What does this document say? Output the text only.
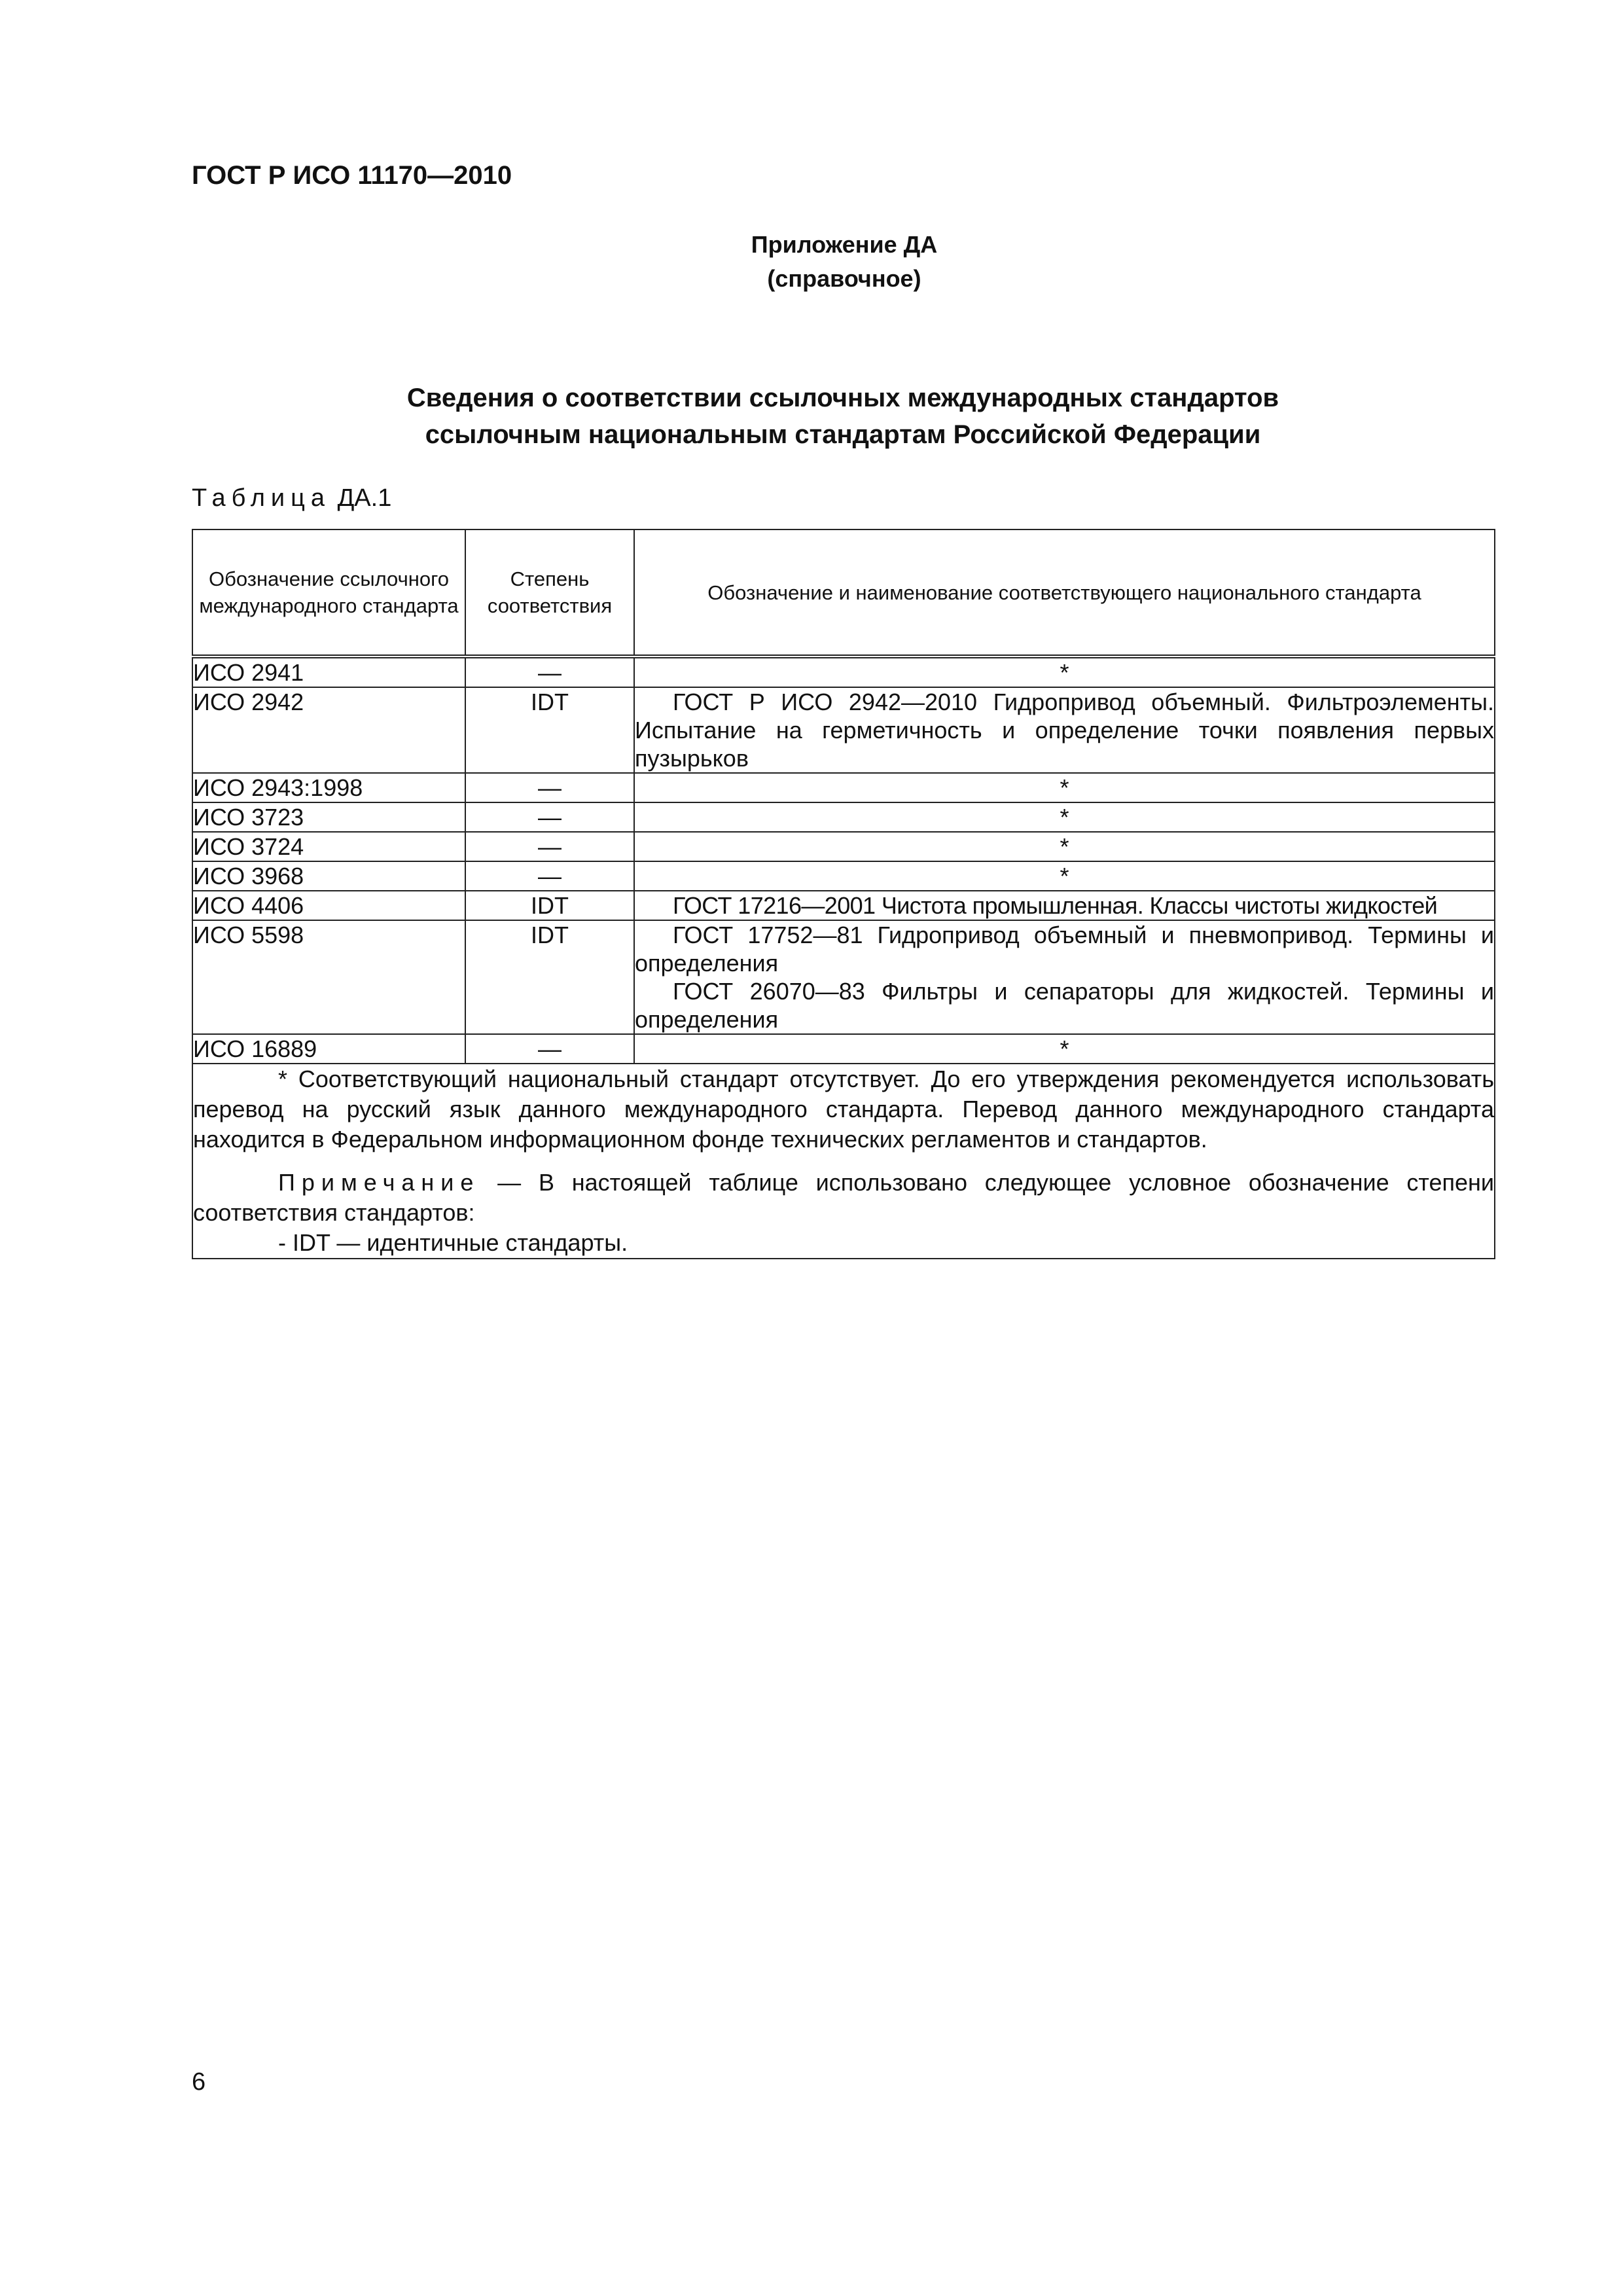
ГОСТ Р ИСО 11170—2010
Приложение ДА
(справочное)
Сведения о соответствии ссылочных международных стандартов
ссылочным национальным стандартам Российской Федерации
Таблица ДА.1
Обозначение ссылочного международного стандарта	Степень соответствия	Обозначение и наименование соответствующего национального стандарта
ИСО 2941	—	*
ИСО 2942	IDT	ГОСТ Р ИСО 2942—2010 Гидропривод объемный. Фильтроэлементы. Испытание на герметичность и определение точки появления первых пузырьков

ИСО 2943:1998	—	*
ИСО 3723	—	*
ИСО 3724	—	*
ИСО 3968	—	*
ИСО 4406	IDT	ГОСТ 17216—2001 Чистота промышленная. Классы чистоты жидкостей

ИСО 5598	IDT	ГОСТ 17752—81 Гидропривод объемный и пневмопривод. Термины и определения
ГОСТ 26070—83 Фильтры и сепараторы для жидкостей. Термины и определения

ИСО 16889	—	*

* Соответствующий национальный стандарт отсутствует. До его утверждения рекомендуется использовать перевод на русский язык данного международного стандарта. Перевод данного международного стандарта находится в Федеральном информационном фонде технических регламентов и стандартов.
Примечание — В настоящей таблице использовано следующее условное обозначение степени соответствия стандартов:
- IDT — идентичные стандарты.		
6
